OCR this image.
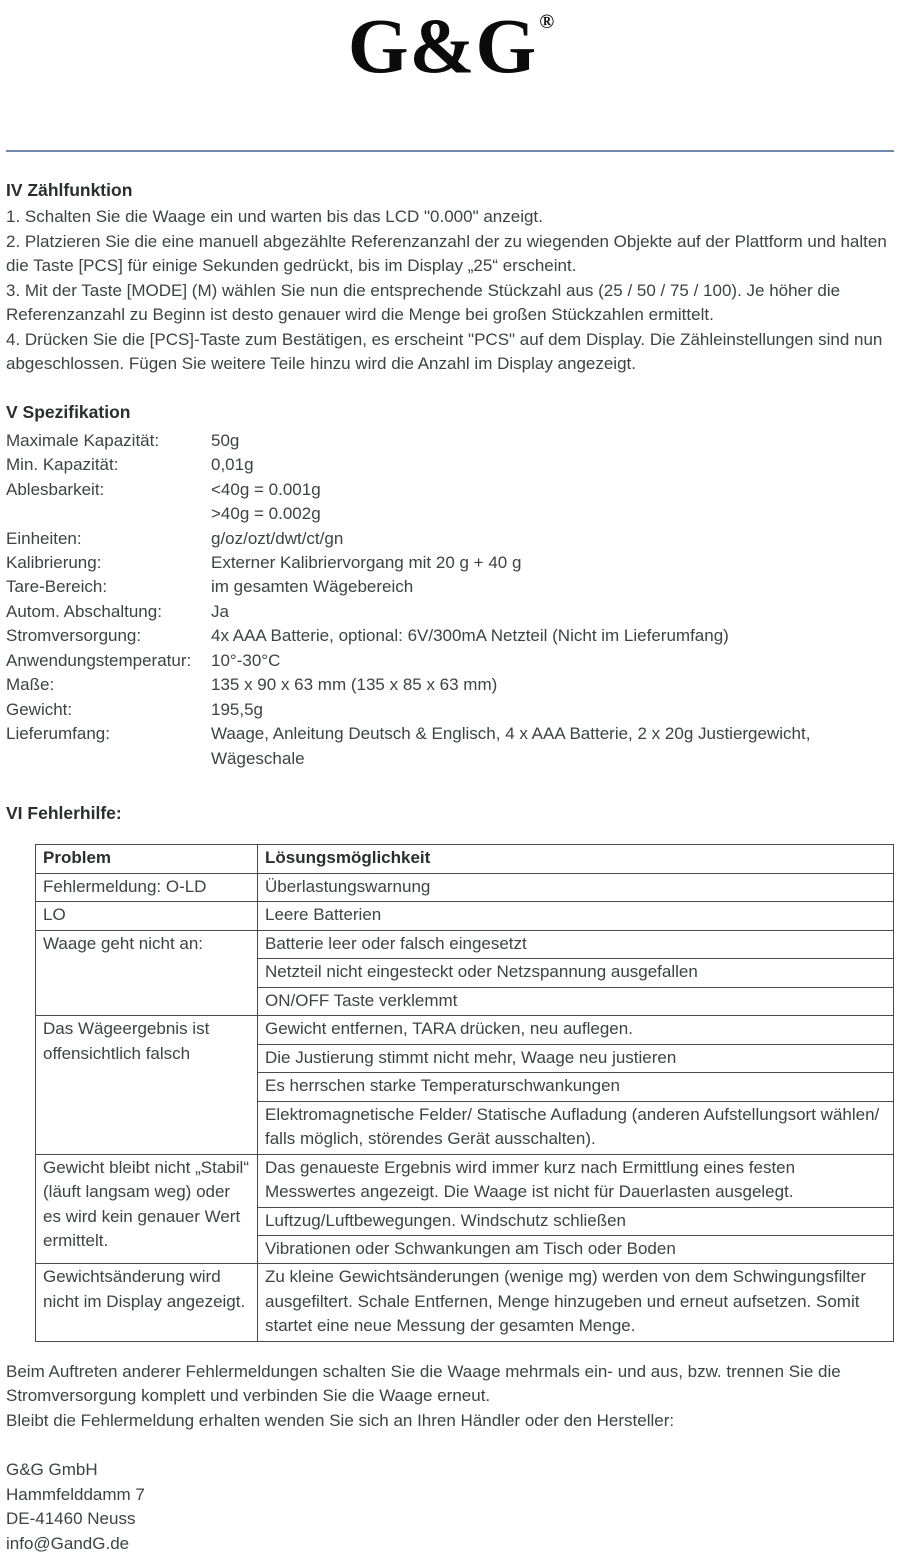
G&G ®
IV Zählfunktion

1. Schalten Sie die Waage ein und warten bis das LCD "0.000" anzeigt.

2. Platzieren Sie die eine manuell abgezählte Referenzanzahl der zu wiegenden Objekte auf der Plattform und halten die Taste [PCS] für einige Sekunden gedrückt, bis im Display „25“ erscheint.

3. Mit der Taste [MODE] (M) wählen Sie nun die entsprechende Stückzahl aus (25 / 50 / 75 / 100). Je höher die Referenzanzahl zu Beginn ist desto genauer wird die Menge bei großen Stückzahlen ermittelt.

4. Drücken Sie die [PCS]-Taste zum Bestätigen, es erscheint "PCS" auf dem Display. Die Zähleinstellungen sind nun abgeschlossen. Fügen Sie weitere Teile hinzu wird die Anzahl im Display angezeigt.

V Spezifikation
Maximale Kapazität:	50g
Min. Kapazität:	0,01g
Ablesbarkeit:	<40g = 0.001g
>40g = 0.002g
Einheiten:	g/oz/ozt/dwt/ct/gn
Kalibrierung:	Externer Kalibriervorgang mit 20 g + 40 g
Tare-Bereich:	im gesamten Wägebereich
Autom. Abschaltung:	Ja
Stromversorgung:	4x AAA Batterie, optional: 6V/300mA Netzteil (Nicht im Lieferumfang)
Anwendungstemperatur:	10°-30°C
Maße:	135 x 90 x 63 mm (135 x 85 x 63 mm)
Gewicht:	195,5g
Lieferumfang:	Waage, Anleitung Deutsch & Englisch, 4 x AAA Batterie, 2 x 20g Justiergewicht, Wägeschale
VI Fehlerhilfe:
Problem	Lösungsmöglichkeit
Fehlermeldung: O-LD	Überlastungswarnung
LO	Leere Batterien
Waage geht nicht an:	Batterie leer oder falsch eingesetzt
	Netzteil nicht eingesteckt oder Netzspannung ausgefallen
	ON/OFF Taste verklemmt
Das Wägeergebnis ist offensichtlich falsch	Gewicht entfernen, TARA drücken, neu auflegen.
	Die Justierung stimmt nicht mehr, Waage neu justieren
	Es herrschen starke Temperaturschwankungen
	Elektromagnetische Felder/ Statische Aufladung (anderen Aufstellungsort wählen/ falls möglich, störendes Gerät ausschalten).
Gewicht bleibt nicht „Stabil“ (läuft langsam weg) oder es wird kein genauer Wert ermittelt.	Das genaueste Ergebnis wird immer kurz nach Ermittlung eines festen Messwertes angezeigt. Die Waage ist nicht für Dauerlasten ausgelegt.
	Luftzug/Luftbewegungen. Windschutz schließen
	Vibrationen oder Schwankungen am Tisch oder Boden
Gewichtsänderung wird nicht im Display angezeigt.	Zu kleine Gewichtsänderungen (wenige mg) werden von dem Schwingungsfilter ausgefiltert. Schale Entfernen, Menge hinzugeben und erneut aufsetzen. Somit startet eine neue Messung der gesamten Menge.

Beim Auftreten anderer Fehlermeldungen schalten Sie die Waage mehrmals ein- und aus, bzw. trennen Sie die Stromversorgung komplett und verbinden Sie die Waage erneut.

Bleibt die Fehlermeldung erhalten wenden Sie sich an Ihren Händler oder den Hersteller:

G&G GmbH
Hammfelddamm 7
DE-41460 Neuss
info@GandG.de
